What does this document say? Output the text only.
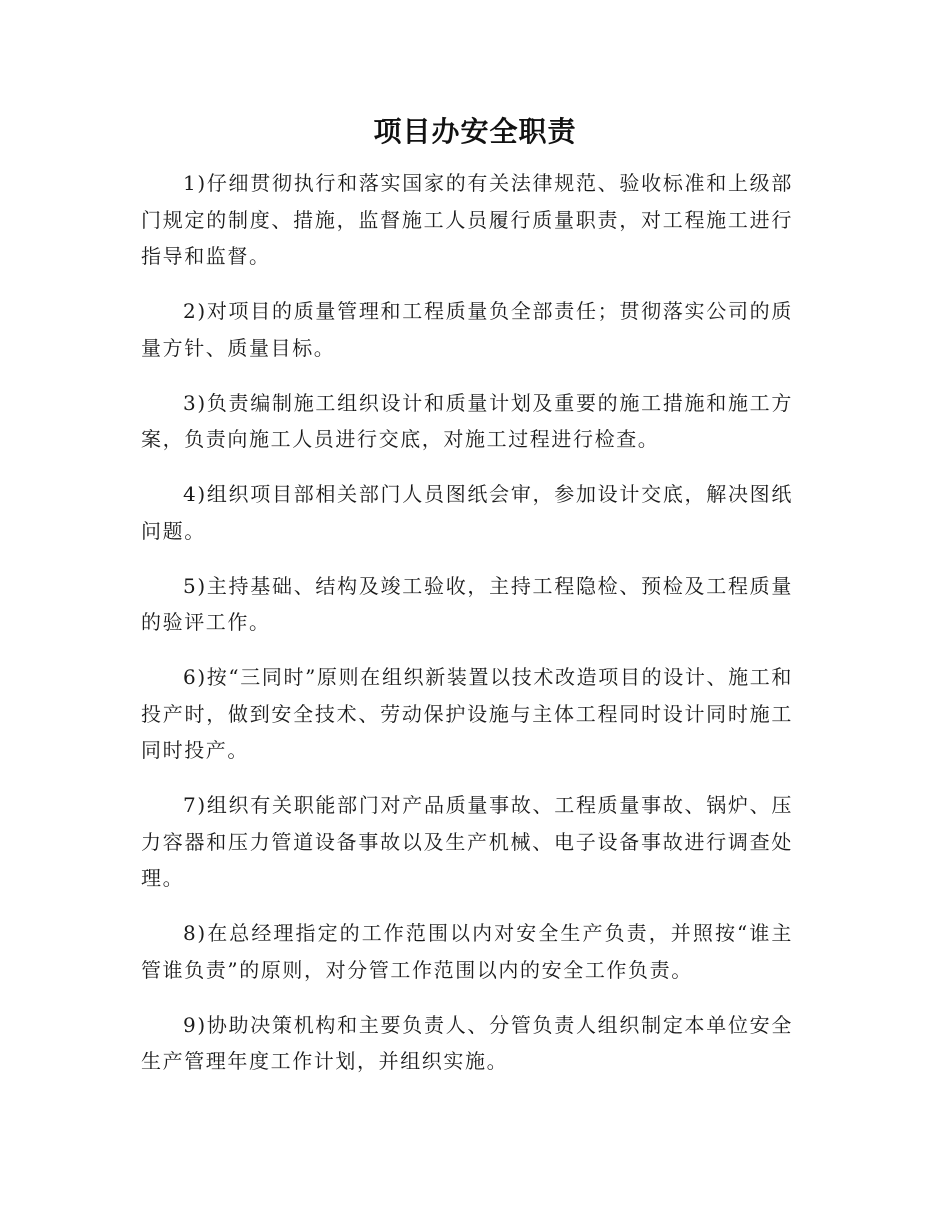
项目办安全职责

1)仔细贯彻执行和落实国家的有关法律规范、验收标准和上级部门规定的制度、措施，监督施工人员履行质量职责，对工程施工进行指导和监督。

2)对项目的质量管理和工程质量负全部责任；贯彻落实公司的质量方针、质量目标。

3)负责编制施工组织设计和质量计划及重要的施工措施和施工方案，负责向施工人员进行交底，对施工过程进行检查。

4)组织项目部相关部门人员图纸会审，参加设计交底，解决图纸问题。

5)主持基础、结构及竣工验收，主持工程隐检、预检及工程质量的验评工作。

6)按“三同时”原则在组织新装置以技术改造项目的设计、施工和投产时，做到安全技术、劳动保护设施与主体工程同时设计同时施工同时投产。

7)组织有关职能部门对产品质量事故、工程质量事故、锅炉、压力容器和压力管道设备事故以及生产机械、电子设备事故进行调查处理。

8)在总经理指定的工作范围以内对安全生产负责，并照按“谁主管谁负责”的原则，对分管工作范围以内的安全工作负责。

9)协助决策机构和主要负责人、分管负责人组织制定本单位安全生产管理年度工作计划，并组织实施。
